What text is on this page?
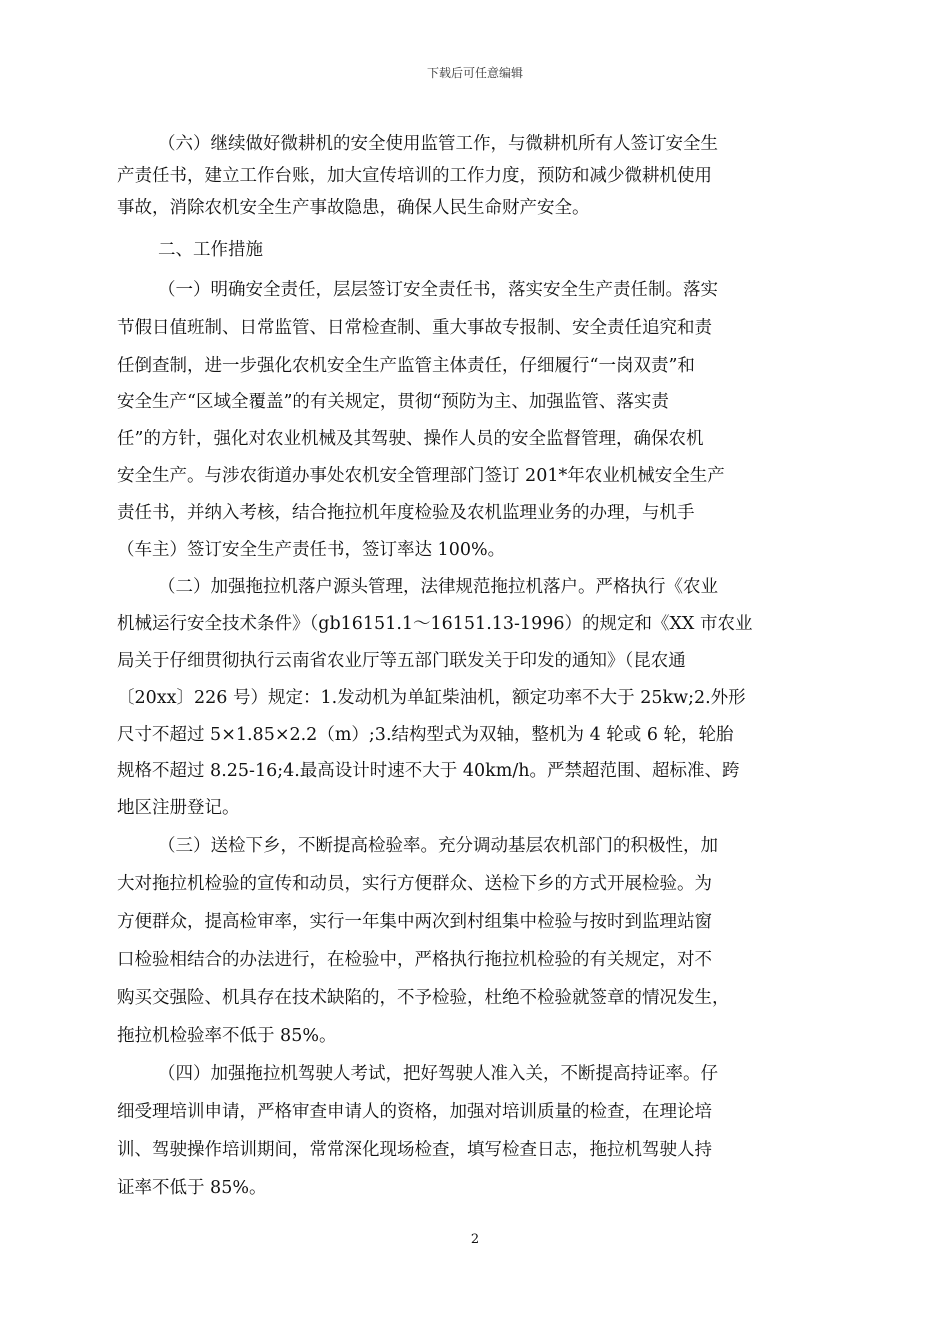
下载后可任意编辑
（六）继续做好微耕机的安全使用监管工作，与微耕机所有人签订安全生
产责任书，建立工作台账，加大宣传培训的工作力度，预防和减少微耕机使用
事故，消除农机安全生产事故隐患，确保人民生命财产安全。
二、工作措施
（一）明确安全责任，层层签订安全责任书，落实安全生产责任制。落实
节假日值班制、日常监管、日常检查制、重大事故专报制、安全责任追究和责
任倒查制，进一步强化农机安全生产监管主体责任，仔细履行“一岗双责”和
安全生产“区域全覆盖”的有关规定，贯彻“预防为主、加强监管、落实责
任”的方针，强化对农业机械及其驾驶、操作人员的安全监督管理，确保农机
安全生产。与涉农街道办事处农机安全管理部门签订 201*年农业机械安全生产
责任书，并纳入考核，结合拖拉机年度检验及农机监理业务的办理，与机手
（车主）签订安全生产责任书，签订率达 100%。
（二）加强拖拉机落户源头管理，法律规范拖拉机落户。严格执行《农业
机械运行安全技术条件》（gb16151.1～16151.13-1996）的规定和《XX 市农业
局关于仔细贯彻执行云南省农业厅等五部门联发关于印发的通知》（昆农通
〔20xx〕226 号）规定：1.发动机为单缸柴油机，额定功率不大于 25kw;2.外形
尺寸不超过 5×1.85×2.2（m）;3.结构型式为双轴，整机为 4 轮或 6 轮，轮胎
规格不超过 8.25-16;4.最高设计时速不大于 40km/h。严禁超范围、超标准、跨
地区注册登记。
（三）送检下乡，不断提高检验率。充分调动基层农机部门的积极性，加
大对拖拉机检验的宣传和动员，实行方便群众、送检下乡的方式开展检验。为
方便群众，提高检审率，实行一年集中两次到村组集中检验与按时到监理站窗
口检验相结合的办法进行，在检验中，严格执行拖拉机检验的有关规定，对不
购买交强险、机具存在技术缺陷的，不予检验，杜绝不检验就签章的情况发生，
拖拉机检验率不低于 85%。
（四）加强拖拉机驾驶人考试，把好驾驶人准入关，不断提高持证率。仔
细受理培训申请，严格审查申请人的资格，加强对培训质量的检查，在理论培
训、驾驶操作培训期间，常常深化现场检查，填写检查日志，拖拉机驾驶人持
证率不低于 85%。
2
